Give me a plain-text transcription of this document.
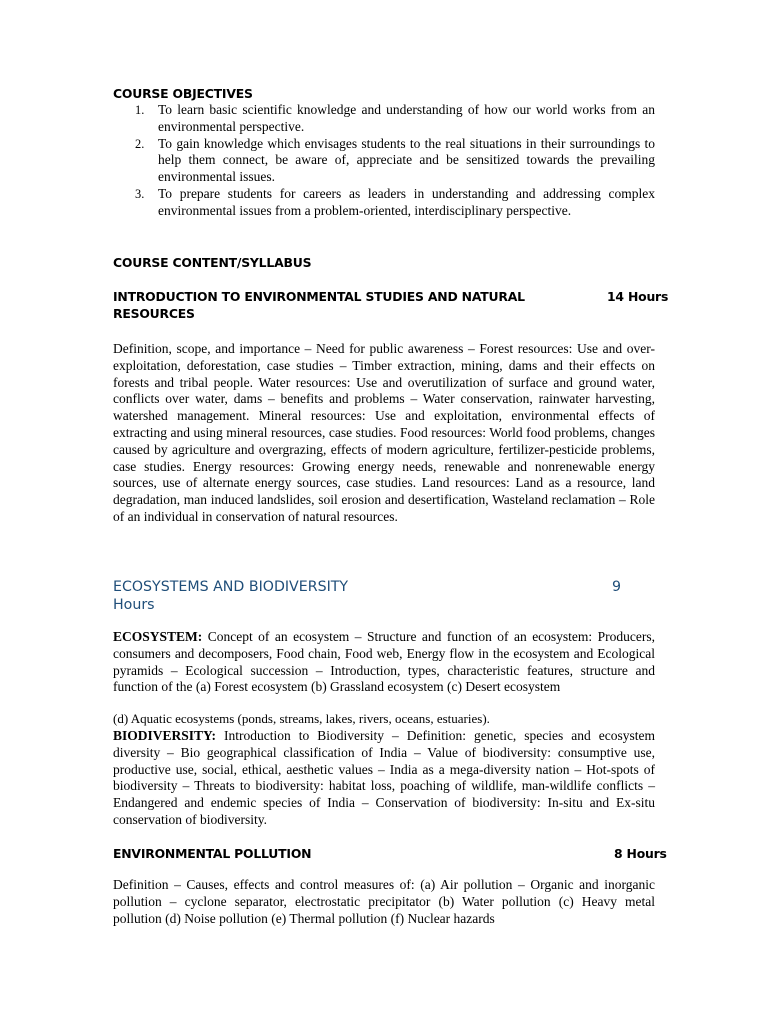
COURSE OBJECTIVES
1. To learn basic scientific knowledge and understanding of how our world works from an environmental perspective.
2. To gain knowledge which envisages students to the real situations in their surroundings to help them connect, be aware of, appreciate and be sensitized towards the prevailing environmental issues.
3. To prepare students for careers as leaders in understanding and addressing complex environmental issues from a problem-oriented, interdisciplinary perspective.
COURSE CONTENT/SYLLABUS
INTRODUCTION TO ENVIRONMENTAL STUDIES AND NATURAL	14 Hours
RESOURCES

Definition, scope, and importance – Need for public awareness – Forest resources: Use and over- exploitation, deforestation, case studies – Timber extraction, mining, dams and their effects on forests and tribal people. Water resources: Use and overutilization of surface and ground water, conflicts over water, dams – benefits and problems – Water conservation, rainwater harvesting, watershed management. Mineral resources: Use and exploitation, environmental effects of extracting and using mineral resources, case studies. Food resources: World food problems, changes caused by agriculture and overgrazing, effects of modern agriculture, fertilizer-pesticide problems, case studies. Energy resources: Growing energy needs, renewable and nonrenewable energy sources, use of alternate energy sources, case studies. Land resources: Land as a resource, land degradation, man induced landslides, soil erosion and desertification, Wasteland reclamation – Role of an individual in conservation of natural resources.

ECOSYSTEMS AND BIODIVERSITY	9
Hours

ECOSYSTEM: Concept of an ecosystem – Structure and function of an ecosystem: Producers, consumers and decomposers, Food chain, Food web, Energy flow in the ecosystem and Ecological pyramids – Ecological succession – Introduction, types, characteristic features, structure and function of the (a) Forest ecosystem (b) Grassland ecosystem (c) Desert ecosystem

(d) Aquatic ecosystems (ponds, streams, lakes, rivers, oceans, estuaries).

BIODIVERSITY: Introduction to Biodiversity – Definition: genetic, species and ecosystem diversity – Bio geographical classification of India – Value of biodiversity: consumptive use, productive use, social, ethical, aesthetic values – India as a mega-diversity nation – Hot-spots of biodiversity – Threats to biodiversity: habitat loss, poaching of wildlife, man-wildlife conflicts – Endangered and endemic species of India – Conservation of biodiversity: In-situ and Ex-situ conservation of biodiversity.

ENVIRONMENTAL POLLUTION	8 Hours

Definition – Causes, effects and control measures of: (a) Air pollution – Organic and inorganic pollution – cyclone separator, electrostatic precipitator (b) Water pollution (c) Heavy metal pollution (d) Noise pollution (e) Thermal pollution (f) Nuclear hazards
